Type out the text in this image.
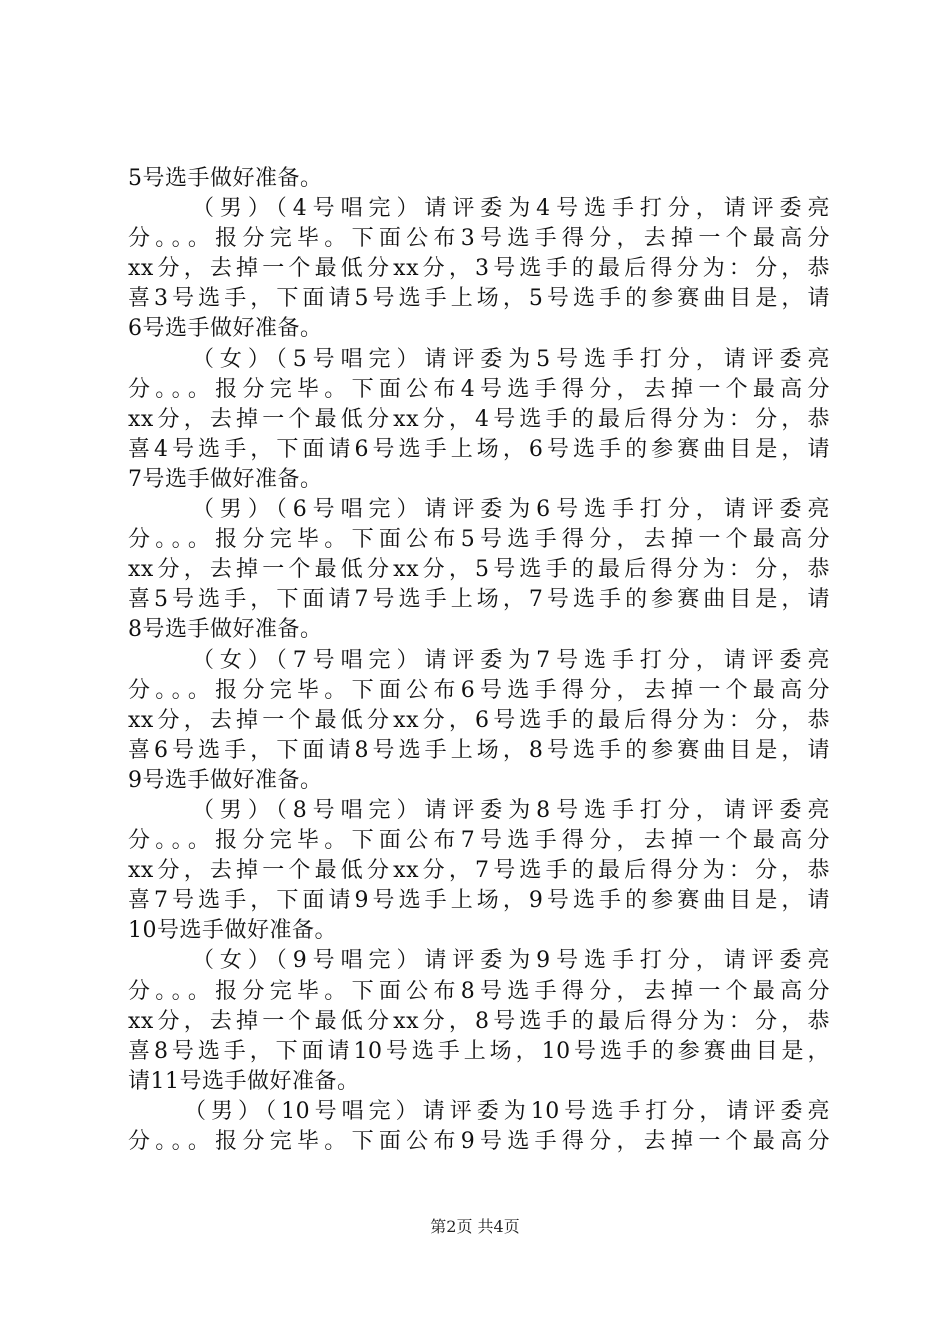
5号选手做好准备。
（男）（4号唱完）请评委为4号选手打分，请评委亮
分。。。报分完毕。下面公布3号选手得分，去掉一个最高分
xx分，去掉一个最低分xx分，3号选手的最后得分为：分，恭
喜3号选手，下面请5号选手上场，5号选手的参赛曲目是，请
6号选手做好准备。
（女）（5号唱完）请评委为5号选手打分，请评委亮
分。。。报分完毕。下面公布4号选手得分，去掉一个最高分
xx分，去掉一个最低分xx分，4号选手的最后得分为：分，恭
喜4号选手，下面请6号选手上场，6号选手的参赛曲目是，请
7号选手做好准备。
（男）（6号唱完）请评委为6号选手打分，请评委亮
分。。。报分完毕。下面公布5号选手得分，去掉一个最高分
xx分，去掉一个最低分xx分，5号选手的最后得分为：分，恭
喜5号选手，下面请7号选手上场，7号选手的参赛曲目是，请
8号选手做好准备。
（女）（7号唱完）请评委为7号选手打分，请评委亮
分。。。报分完毕。下面公布6号选手得分，去掉一个最高分
xx分，去掉一个最低分xx分，6号选手的最后得分为：分，恭
喜6号选手，下面请8号选手上场，8号选手的参赛曲目是，请
9号选手做好准备。
（男）（8号唱完）请评委为8号选手打分，请评委亮
分。。。报分完毕。下面公布7号选手得分，去掉一个最高分
xx分，去掉一个最低分xx分，7号选手的最后得分为：分，恭
喜7号选手，下面请9号选手上场，9号选手的参赛曲目是，请
10号选手做好准备。
（女）（9号唱完）请评委为9号选手打分，请评委亮
分。。。报分完毕。下面公布8号选手得分，去掉一个最高分
xx分，去掉一个最低分xx分，8号选手的最后得分为：分，恭
喜8号选手，下面请10号选手上场，10号选手的参赛曲目是，
请11号选手做好准备。
（男）（10号唱完）请评委为10号选手打分，请评委亮
分。。。报分完毕。下面公布9号选手得分，去掉一个最高分
第2页 共4页
